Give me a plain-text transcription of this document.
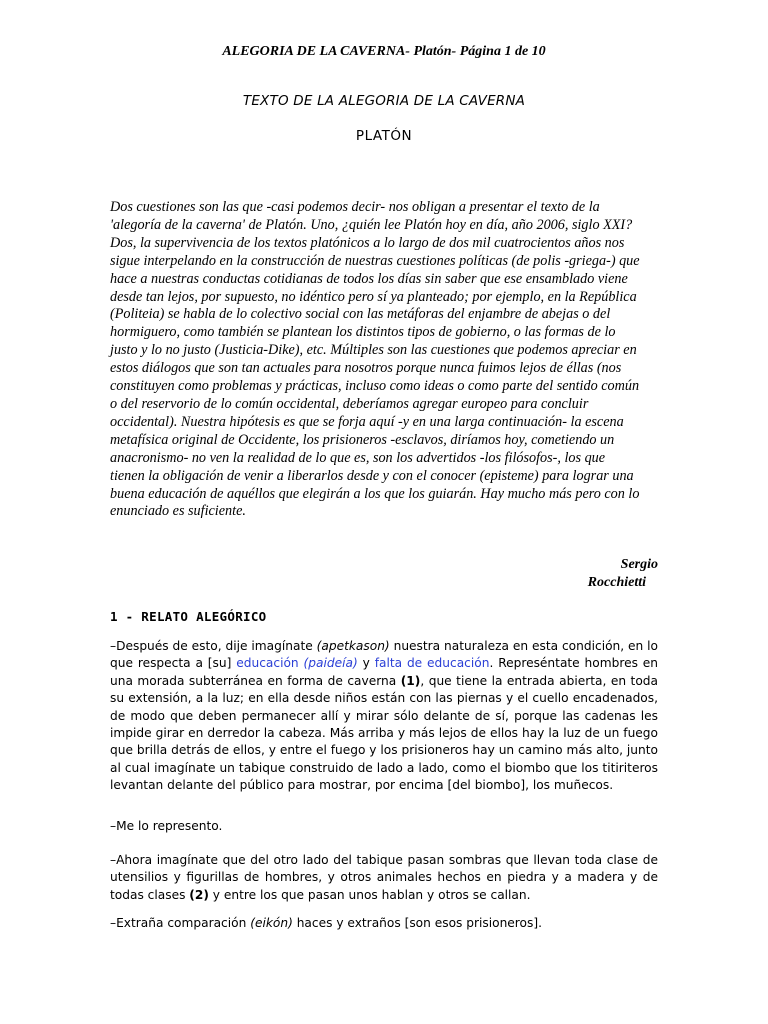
ALEGORIA DE LA CAVERNA- Platón- Página 1 de 10
TEXTO DE LA ALEGORIA DE LA CAVERNA
PLATÓN

Dos cuestiones son las que -casi podemos decir- nos obligan a presentar el texto de la 'alegoría de la caverna' de Platón. Uno, ¿quién lee Platón hoy en día, año 2006, siglo XXI? Dos, la supervivencia de los textos platónicos a lo largo de dos mil cuatrocientos años nos sigue interpelando en la construcción de nuestras cuestiones políticas (de polis -griega-) que hace a nuestras conductas cotidianas de todos los días sin saber que ese ensamblado viene desde tan lejos, por supuesto, no idéntico pero sí ya planteado; por ejemplo, en la República (Politeia) se habla de lo colectivo social con las metáforas del enjambre de abejas o del hormiguero, como también se plantean los distintos tipos de gobierno, o las formas de lo justo y lo no justo (Justicia-Dike), etc. Múltiples son las cuestiones que podemos apreciar en estos diálogos que son tan actuales para nosotros porque nunca fuimos lejos de éllas (nos constituyen como problemas y prácticas, incluso como ideas o como parte del sentido común o del reservorio de lo común occidental, deberíamos agregar europeo para concluir occidental). Nuestra hipótesis es que se forja aquí -y en una larga continuación- la escena metafísica original de Occidente, los prisioneros -esclavos, diríamos hoy, cometiendo un anacronismo- no ven la realidad de lo que es, son los advertidos -los filósofos-, los que tienen la obligación de venir a liberarlos desde y con el conocer (episteme) para lograr una buena educación de aquéllos que elegirán a los que los guiarán. Hay mucho más pero con lo enunciado es suficiente.

Sergio
Rocchietti
1 - RELATO ALEGÓRICO

–Después de esto, dije imagínate (apetkason) nuestra naturaleza en esta condición, en lo que respecta a [su] educación (paideía) y falta de educación. Represéntate hombres en una morada subterránea en forma de caverna (1), que tiene la entrada abierta, en toda su extensión, a la luz; en ella desde niños están con las piernas y el cuello encadenados, de modo que deben permanecer allí y mirar sólo delante de sí, porque las cadenas les impide girar en derredor la cabeza. Más arriba y más lejos de ellos hay la luz de un fuego que brilla detrás de ellos, y entre el fuego y los prisioneros hay un camino más alto, junto al cual imagínate un tabique construido de lado a lado, como el biombo que los titiriteros levantan delante del público para mostrar, por encima [del biombo], los muñecos.

–Me lo represento.

–Ahora imagínate que del otro lado del tabique pasan sombras que llevan toda clase de utensilios y figurillas de hombres, y otros animales hechos en piedra y a madera y de todas clases (2) y entre los que pasan unos hablan y otros se callan.

–Extraña comparación (eikón) haces y extraños [son esos prisioneros].
